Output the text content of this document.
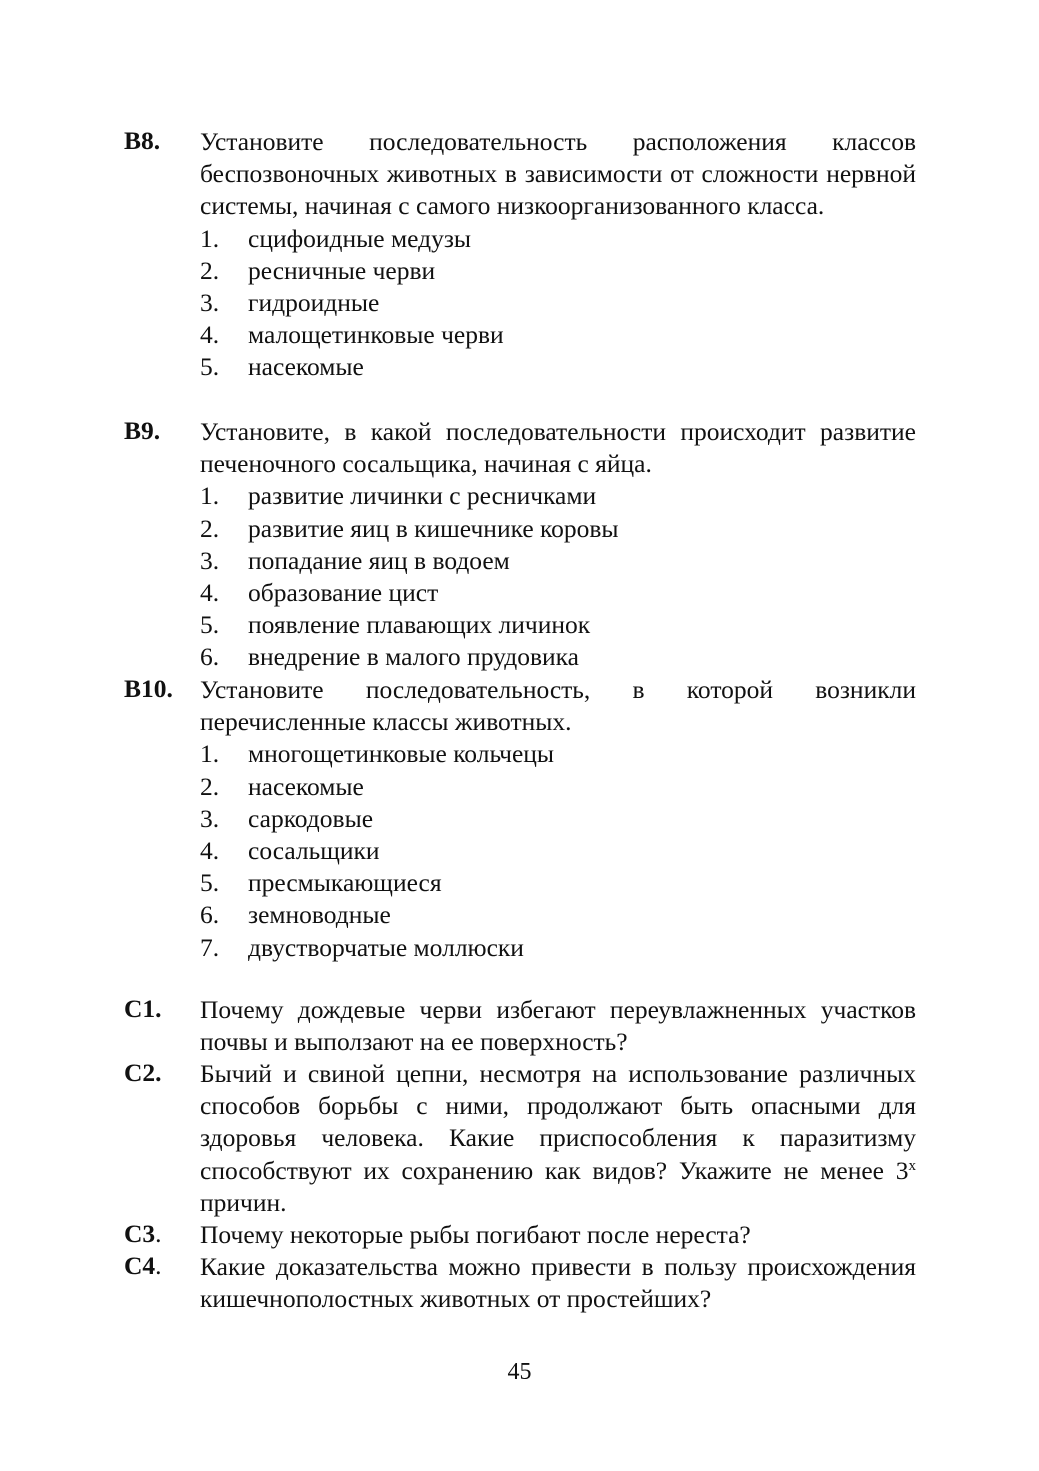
B8. Установите последовательность расположения классов беспозвоночных животных в зависимости от сложности нервной системы, начиная с самого низкоорганизованного класса.
1. сцифоидные медузы
2. ресничные черви
3. гидроидные
4. малощетинковые черви
5. насекомые
B9. Установите, в какой последовательности происходит развитие печеночного сосальщика, начиная с яйца.
1. развитие личинки с ресничками
2. развитие яиц в кишечнике коровы
3. попадание яиц в водоем
4. образование цист
5. появление плавающих личинок
6. внедрение в малого прудовика
B10. Установите последовательность, в которой возникли перечисленные классы животных.
1. многощетинковые кольчецы
2. насекомые
3. саркодовые
4. сосальщики
5. пресмыкающиеся
6. земноводные
7. двустворчатые моллюски
C1. Почему дождевые черви избегают переувлажненных участков почвы и выползают на ее поверхность?
C2. Бычий и свиной цепни, несмотря на использование различных способов борьбы с ними, продолжают быть опасными для здоровья человека. Какие приспособления к паразитизму способствуют их сохранению как видов? Укажите не менее $3^х$ причин.
C3. Почему некоторые рыбы погибают после нереста?
C4. Какие доказательства можно привести в пользу происхождения кишечнополостных животных от простейших?
45
